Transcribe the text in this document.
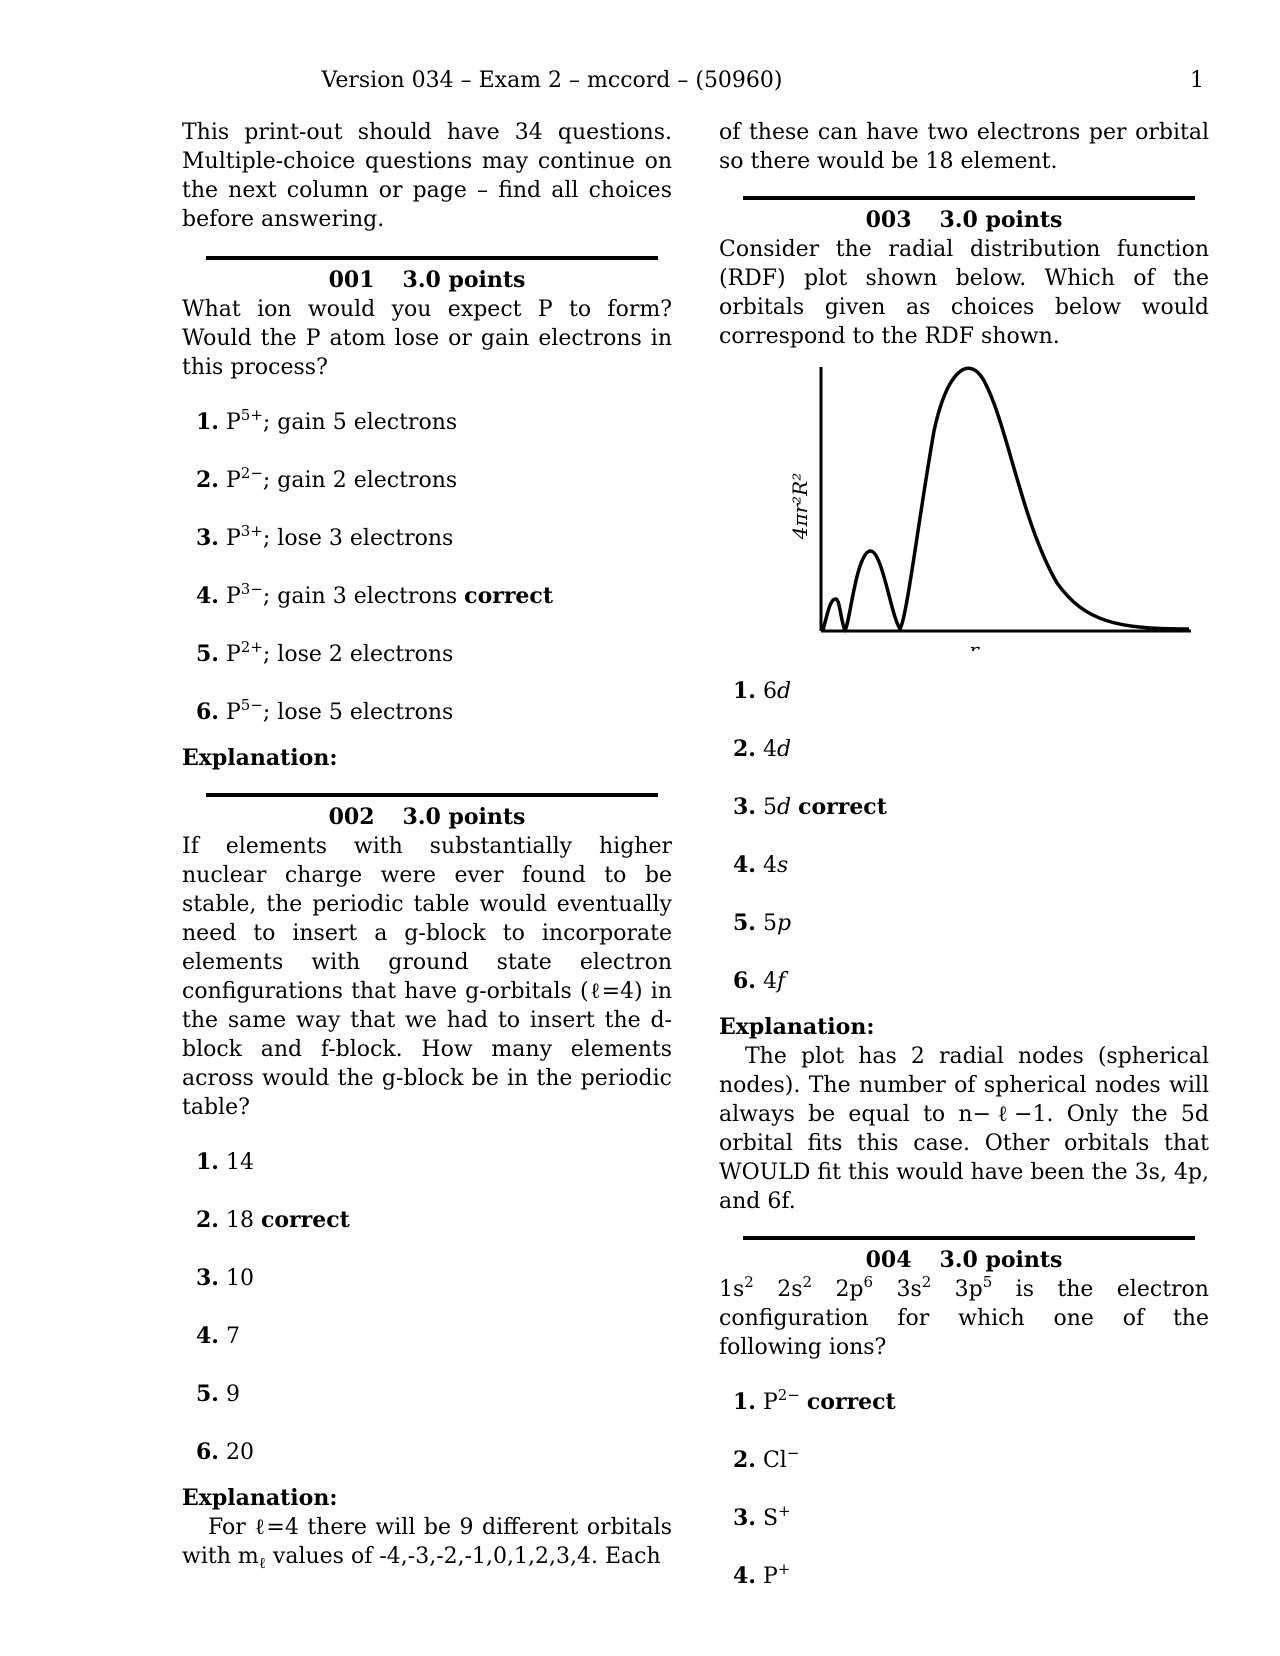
Version 034 – Exam 2 – mccord – (50960)	1

This print-out should have 34 questions. Multiple-choice questions may continue on the next column or page – find all choices before answering.

001 3.0 points

What ion would you expect P to form? Would the P atom lose or gain electrons in this process?

1. $P^{5+}$; gain 5 electrons
2. $P^{2-}$; gain 2 electrons
3. $P^{3+}$; lose 3 electrons
4. $P^{3-}$; gain 3 electrons correct
5. $P^{2+}$; lose 2 electrons
6. $P^{5-}$; lose 5 electrons

Explanation:

002 3.0 points

If elements with substantially higher nuclear charge were ever found to be stable, the periodic table would eventually need to insert a g-block to incorporate elements with ground state electron configurations that have g-orbitals (ℓ=4) in the same way that we had to insert the d-block and f-block. How many elements across would the g-block be in the periodic table?

1. 14
2. 18 correct
3. 10
4. 7
5. 9
6. 20

Explanation:

For ℓ=4 there will be 9 different orbitals with $m_\ell$ values of -4,-3,-2,-1,0,1,2,3,4. Each

of these can have two electrons per orbital so there would be 18 element.

003 3.0 points

Consider the radial distribution function (RDF) plot shown below. Which of the orbitals given as choices below would correspond to the RDF shown.

4πr²R²
r
1. 6d
2. 4d
3. 5d correct
4. 4s
5. 5p
6. 4f

Explanation:

The plot has 2 radial nodes (spherical nodes). The number of spherical nodes will always be equal to n−ℓ−1. Only the 5d orbital fits this case. Other orbitals that WOULD fit this would have been the 3s, 4p, and 6f.

004 3.0 points

$1s^2$ $2s^2$ $2p^6$ $3s^2$ $3p^5$ is the electron configuration for which one of the following ions?

1. $P^{2-}$ correct
2. Cl−
3. S+
4. P+
